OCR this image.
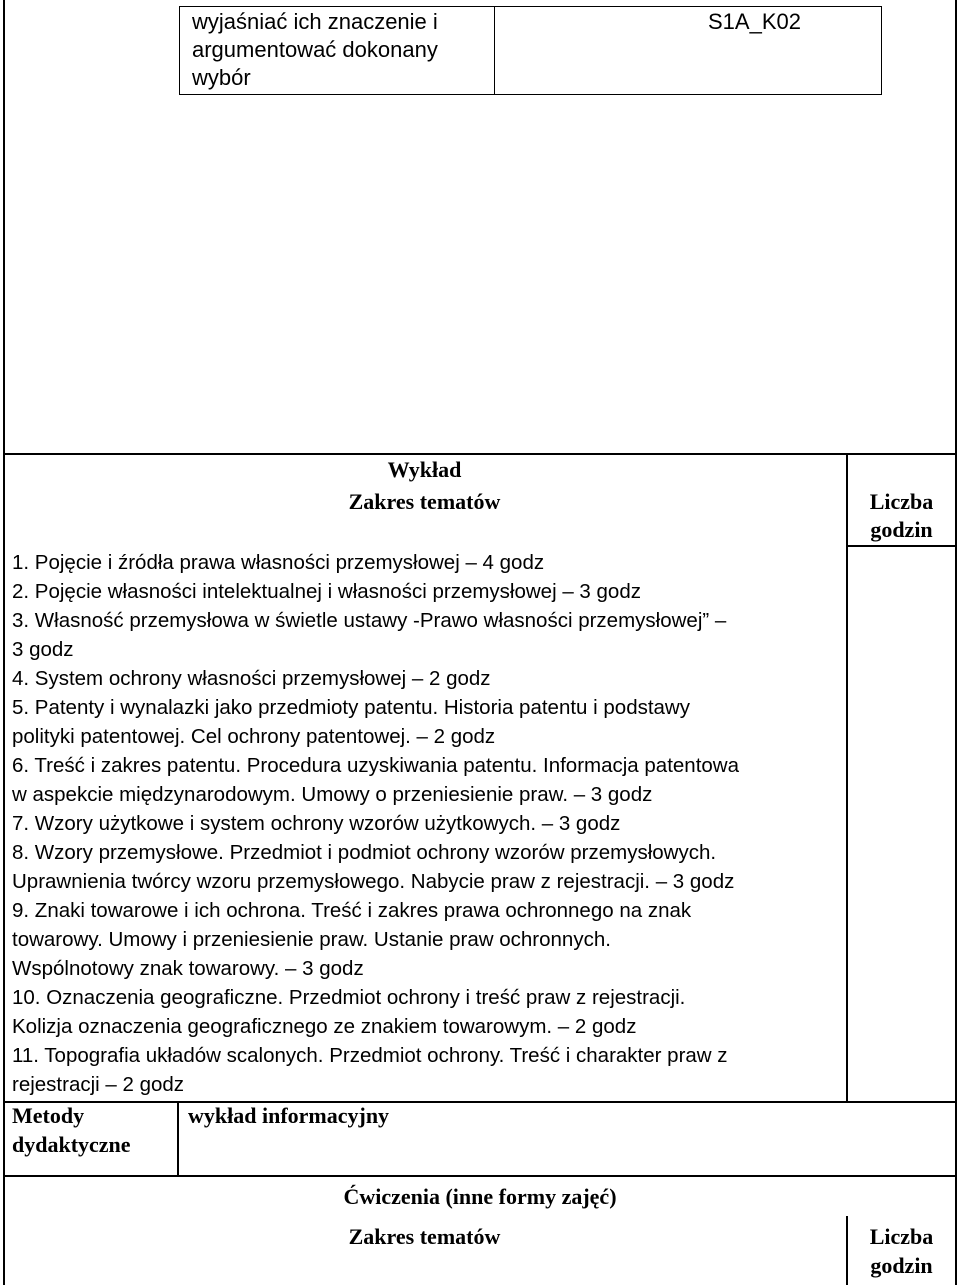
wyjaśniać ich znaczenie i
argumentować dokonany
wybór
S1A_K02
Wykład
Zakres tematów	Liczba
godzin
1. Pojęcie i źródła prawa własności przemysłowej – 4 godz
2. Pojęcie własności intelektualnej i własności przemysłowej – 3 godz
3. Własność przemysłowa w świetle ustawy -Prawo własności przemysłowej” –
3 godz
4. System ochrony własności przemysłowej – 2 godz
5. Patenty i wynalazki jako przedmioty patentu. Historia patentu i podstawy
polityki patentowej. Cel ochrony patentowej. – 2 godz
6. Treść i zakres patentu. Procedura uzyskiwania patentu. Informacja patentowa
w aspekcie międzynarodowym. Umowy o przeniesienie praw. – 3 godz
7. Wzory użytkowe i system ochrony wzorów użytkowych. – 3 godz
8. Wzory przemysłowe. Przedmiot i podmiot ochrony wzorów przemysłowych.
Uprawnienia twórcy wzoru przemysłowego. Nabycie praw z rejestracji. – 3 godz
9. Znaki towarowe i ich ochrona. Treść i zakres prawa ochronnego na znak
towarowy. Umowy i przeniesienie praw. Ustanie praw ochronnych.
Wspólnotowy znak towarowy. – 3 godz
10. Oznaczenia geograficzne. Przedmiot ochrony i treść praw z rejestracji.
Kolizja oznaczenia geograficznego ze znakiem towarowym. – 2 godz
11. Topografia układów scalonych. Przedmiot ochrony. Treść i charakter praw z
rejestracji – 2 godz
Metody
dydaktyczne
wykład informacyjny
Ćwiczenia (inne formy zajęć)
Zakres tematów	Liczba
godzin
